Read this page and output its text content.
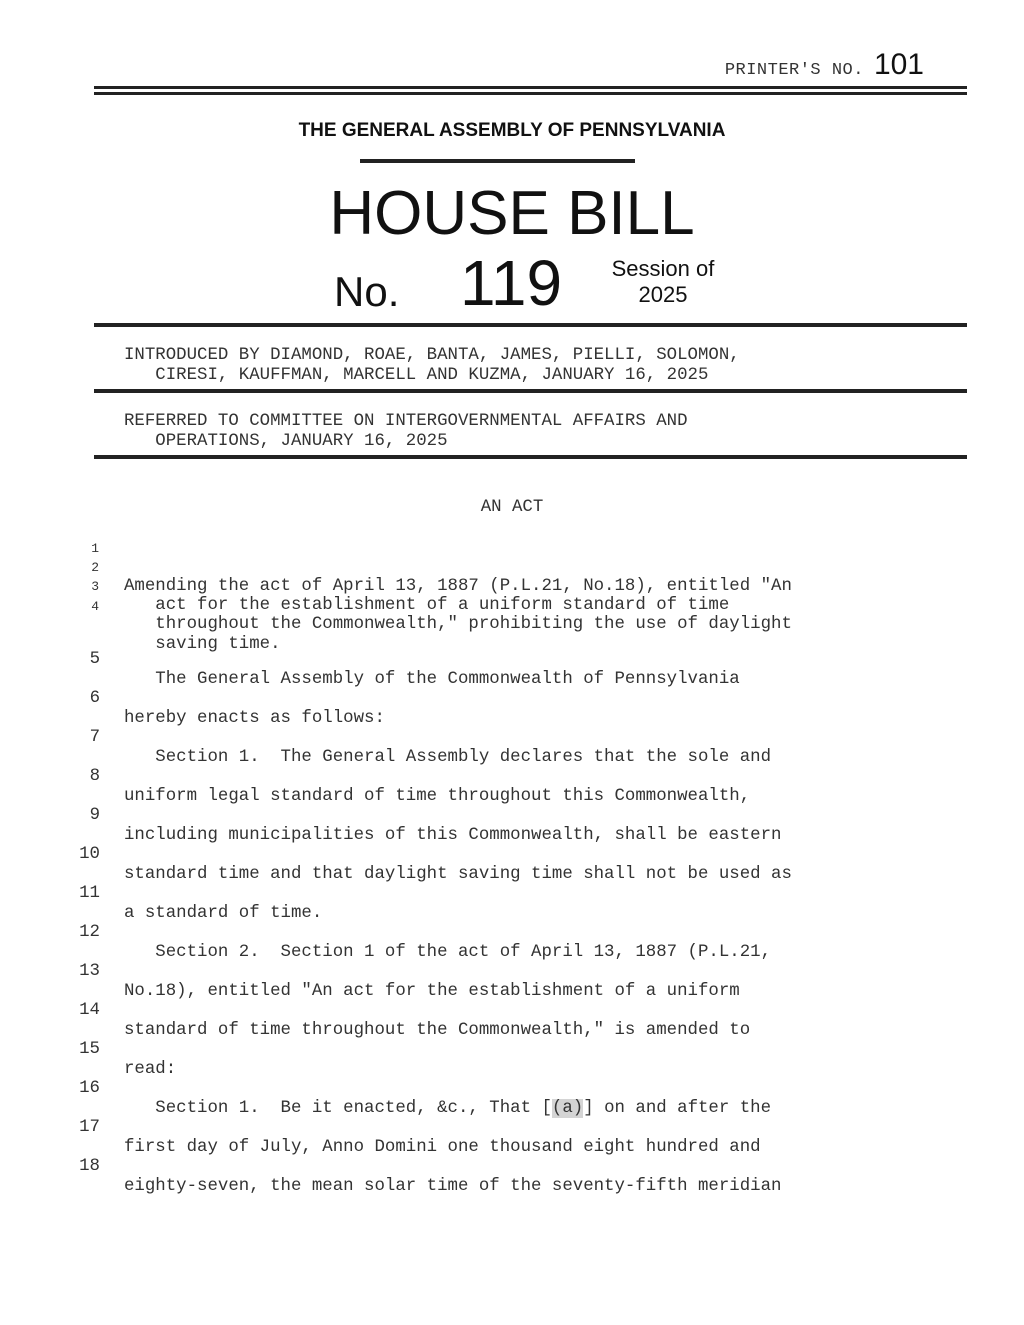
PRINTER'S NO. 101
THE GENERAL ASSEMBLY OF PENNSYLVANIA
HOUSE BILL
No. 119	Session of
2025
INTRODUCED BY DIAMOND, ROAE, BANTA, JAMES, PIELLI, SOLOMON,
CIRESI, KAUFFMAN, MARCELL AND KUZMA, JANUARY 16, 2025
REFERRED TO COMMITTEE ON INTERGOVERNMENTAL AFFAIRS AND
OPERATIONS, JANUARY 16, 2025
AN ACT

1

Amending the act of April 13, 1887 (P.L.21, No.18), entitled "An

2

act for the establishment of a uniform standard of time

3

throughout the Commonwealth," prohibiting the use of daylight

4

saving time.

5

The General Assembly of the Commonwealth of Pennsylvania

6

hereby enacts as follows:

7

Section 1.  The General Assembly declares that the sole and

8

uniform legal standard of time throughout this Commonwealth,

9

including municipalities of this Commonwealth, shall be eastern

10

standard time and that daylight saving time shall not be used as

11

a standard of time.

12

Section 2.  Section 1 of the act of April 13, 1887 (P.L.21,

13

No.18), entitled "An act for the establishment of a uniform

14

standard of time throughout the Commonwealth," is amended to

15

read:

16

Section 1.  Be it enacted, &c., That [(a)] on and after the

17

first day of July, Anno Domini one thousand eight hundred and

18

eighty-seven, the mean solar time of the seventy-fifth meridian
